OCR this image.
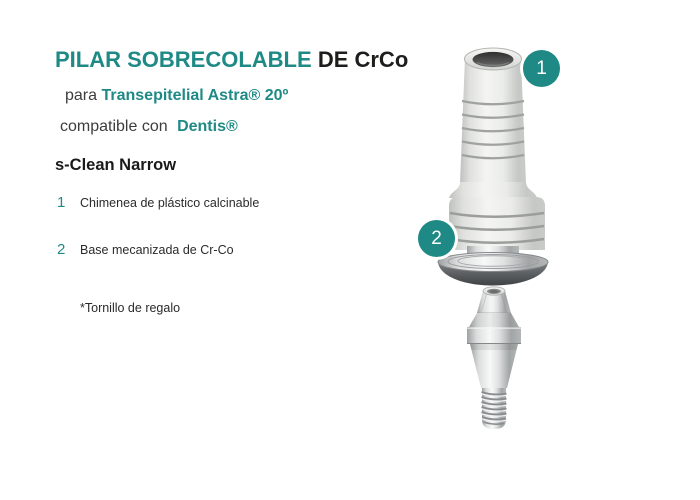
PILAR SOBRECOLABLE DE CrCo

para Transepitelial Astra® 20º

compatible con Dentis®

s-Clean Narrow

1	Chimenea de plástico calcinable
2	Base mecanizada de Cr-Co

*Tornillo de regalo

1
2
